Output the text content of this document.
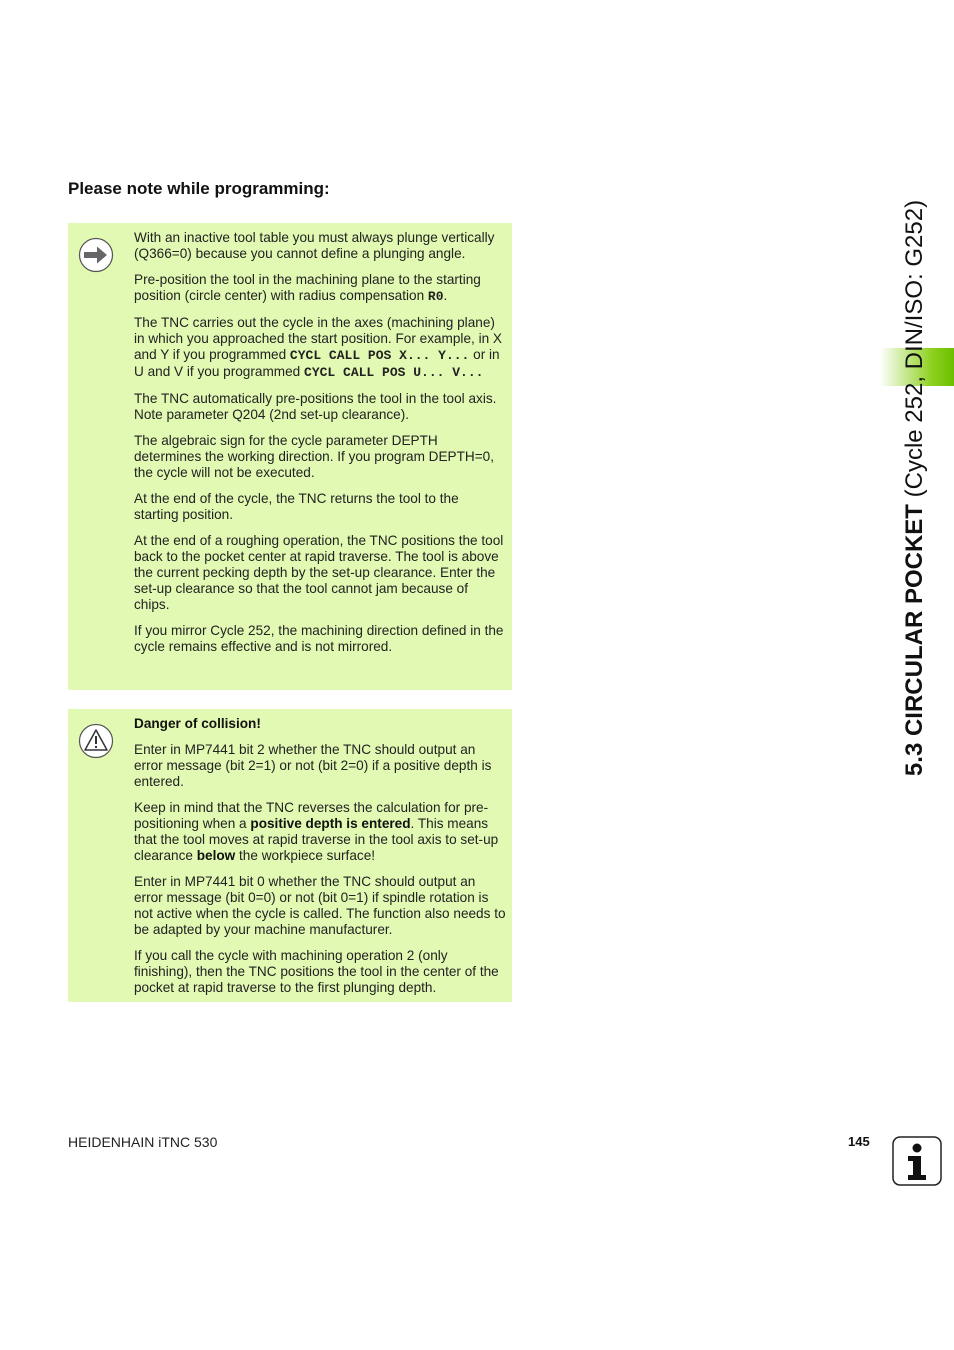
Please note while programming:

With an inactive tool table you must always plunge vertically (Q366=0) because you cannot define a plunging angle.

Pre-position the tool in the machining plane to the starting position (circle center) with radius compensation R0.

The TNC carries out the cycle in the axes (machining plane) in which you approached the start position. For example, in X and Y if you programmed CYCL CALL POS X... Y... or in U and V if you programmed CYCL CALL POS U... V...

The TNC automatically pre-positions the tool in the tool axis. Note parameter Q204 (2nd set-up clearance).

The algebraic sign for the cycle parameter DEPTH determines the working direction. If you program DEPTH=0, the cycle will not be executed.

At the end of the cycle, the TNC returns the tool to the starting position.

At the end of a roughing operation, the TNC positions the tool back to the pocket center at rapid traverse. The tool is above the current pecking depth by the set-up clearance. Enter the set-up clearance so that the tool cannot jam because of chips.

If you mirror Cycle 252, the machining direction defined in the cycle remains effective and is not mirrored.

Danger of collision!

Enter in MP7441 bit 2 whether the TNC should output an error message (bit 2=1) or not (bit 2=0) if a positive depth is entered.

Keep in mind that the TNC reverses the calculation for pre-positioning when a positive depth is entered. This means that the tool moves at rapid traverse in the tool axis to set-up clearance below the workpiece surface!

Enter in MP7441 bit 0 whether the TNC should output an error message (bit 0=0) or not (bit 0=1) if spindle rotation is not active when the cycle is called. The function also needs to be adapted by your machine manufacturer.

If you call the cycle with machining operation 2 (only finishing), then the TNC positions the tool in the center of the pocket at rapid traverse to the first plunging depth.

5.3 CIRCULAR POCKET (Cycle 252, DIN/ISO: G252)
HEIDENHAIN iTNC 530	145
